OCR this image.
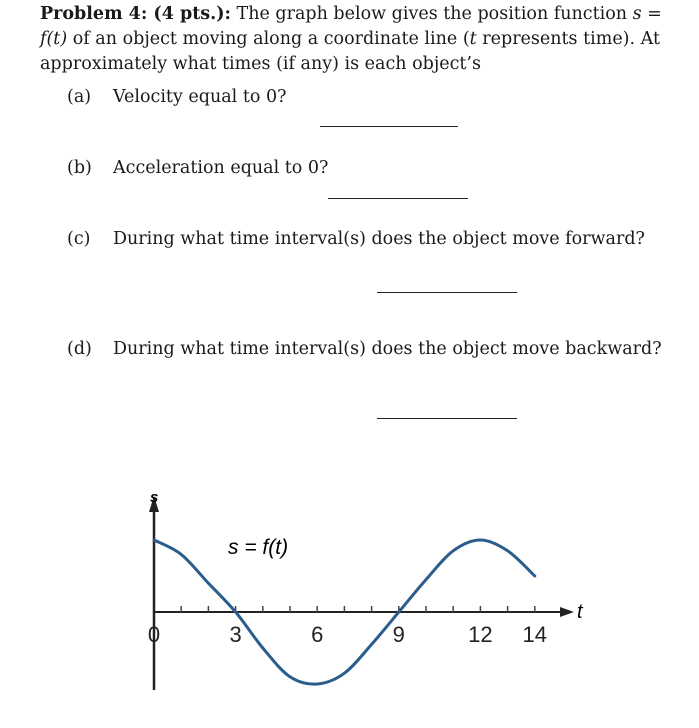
Problem 4: (4 pts.): The graph below gives the position function s =
f(t) of an object moving along a coordinate line (t represents time). At approximately what times (if any) is each object’s

(a) Velocity equal to 0?
(b) Acceleration equal to 0?
(c) During what time interval(s) does the object move forward?
(d) During what time interval(s) does the object move backward?
0	3	6	9	12 14
s
t
s = f(t)
